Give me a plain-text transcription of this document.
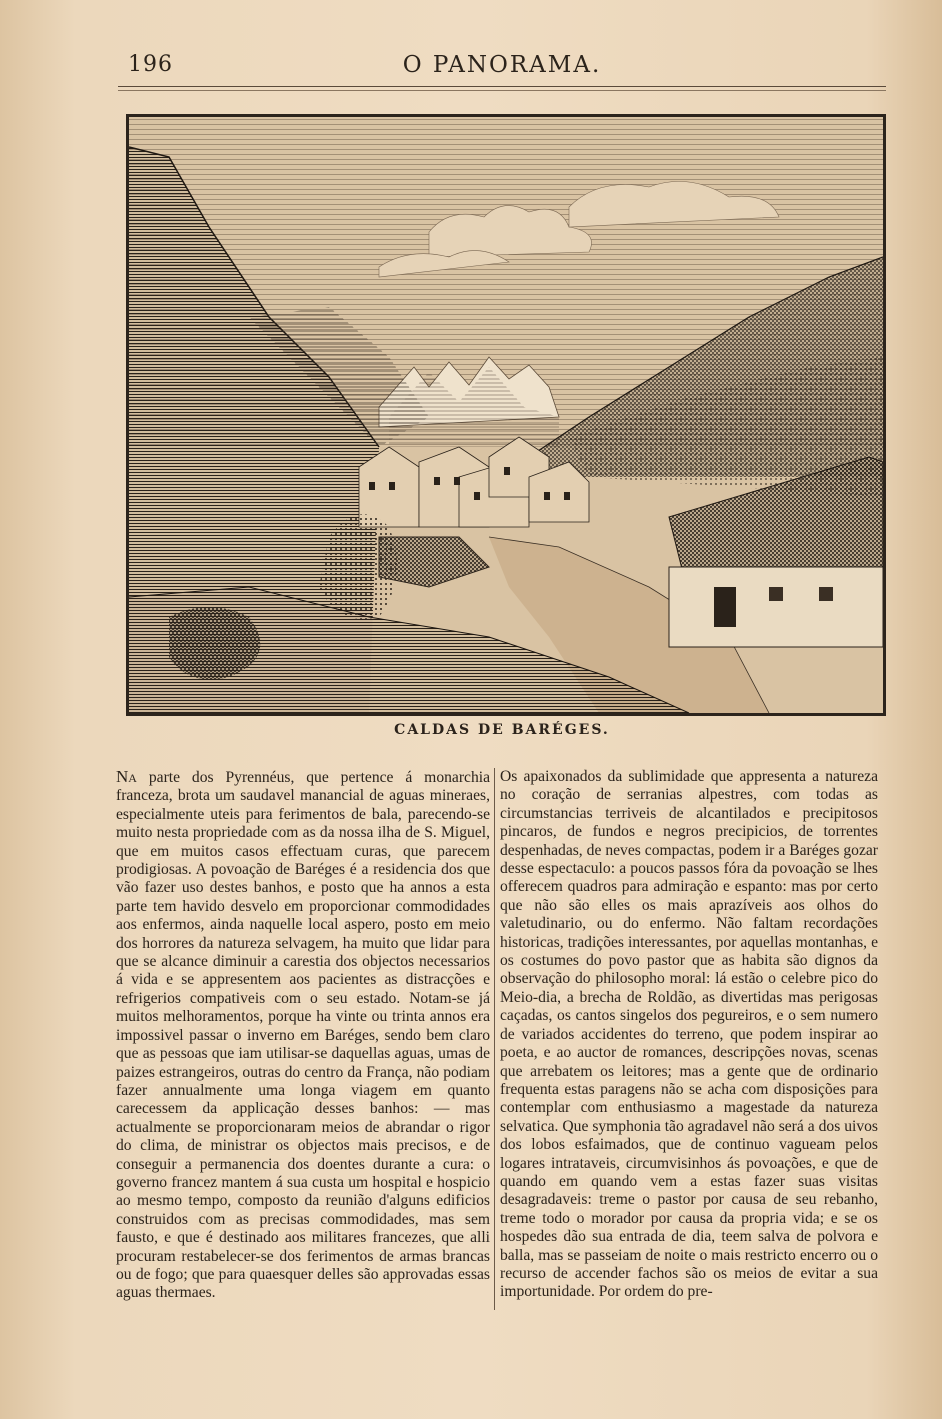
196	O PANORAMA.
CALDAS DE BARÉGES.

Na parte dos Pyrennéus, que pertence á monarchia franceza, brota um saudavel manancial de aguas mineraes, especialmente uteis para ferimentos de bala, parecendo-se muito nesta propriedade com as da nossa ilha de S. Miguel, que em muitos casos effectuam curas, que parecem prodigiosas. A povoação de Baréges é a residencia dos que vão fazer uso destes banhos, e posto que ha annos a esta parte tem havido desvelo em proporcionar commodidades aos enfermos, ainda naquelle local aspero, posto em meio dos horrores da natureza selvagem, ha muito que lidar para que se alcance diminuir a carestia dos objectos necessarios á vida e se appresentem aos pacientes as distracções e refrigerios compativeis com o seu estado. Notam-se já muitos melhoramentos, porque ha vinte ou trinta annos era impossivel passar o inverno em Baréges, sendo bem claro que as pessoas que iam utilisar-se daquellas aguas, umas de paizes estrangeiros, outras do centro da França, não podiam fazer annualmente uma longa viagem em quanto carecessem da applicação desses banhos: — mas actualmente se proporcionaram meios de abrandar o rigor do clima, de ministrar os objectos mais precisos, e de conseguir a permanencia dos doentes durante a cura: o governo francez mantem á sua custa um hospital e hospicio ao mesmo tempo, composto da reunião d'alguns edificios construidos com as precisas commodidades, mas sem fausto, e que é destinado aos militares francezes, que alli procuram restabelecer-se dos ferimentos de armas brancas ou de fogo; que para quaesquer delles são approvadas essas aguas thermaes.

Os apaixonados da sublimidade que appresenta a natureza no coração de serranias alpestres, com todas as circumstancias terriveis de alcantilados e precipitosos pincaros, de fundos e negros precipicios, de torrentes despenhadas, de neves compactas, podem ir a Baréges gozar desse espectaculo: a poucos passos fóra da povoação se lhes offerecem quadros para admiração e espanto: mas por certo que não são elles os mais aprazíveis aos olhos do valetudinario, ou do enfermo. Não faltam recordações historicas, tradições interessantes, por aquellas montanhas, e os costumes do povo pastor que as habita são dignos da observação do philosopho moral: lá estão o celebre pico do Meio-dia, a brecha de Roldão, as divertidas mas perigosas caçadas, os cantos singelos dos pegureiros, e o sem numero de variados accidentes do terreno, que podem inspirar ao poeta, e ao auctor de romances, descripções novas, scenas que arrebatem os leitores; mas a gente que de ordinario frequenta estas paragens não se acha com disposições para contemplar com enthusiasmo a magestade da natureza selvatica. Que symphonia tão agradavel não será a dos uivos dos lobos esfaimados, que de continuo vagueam pelos logares intrataveis, circumvisinhos ás povoações, e que de quando em quando vem a estas fazer suas visitas desagradaveis: treme o pastor por causa de seu rebanho, treme todo o morador por causa da propria vida; e se os hospedes dão sua entrada de dia, teem salva de polvora e balla, mas se passeiam de noite o mais restricto encerro ou o recurso de accender fachos são os meios de evitar a sua importunidade. Por ordem do pre-
